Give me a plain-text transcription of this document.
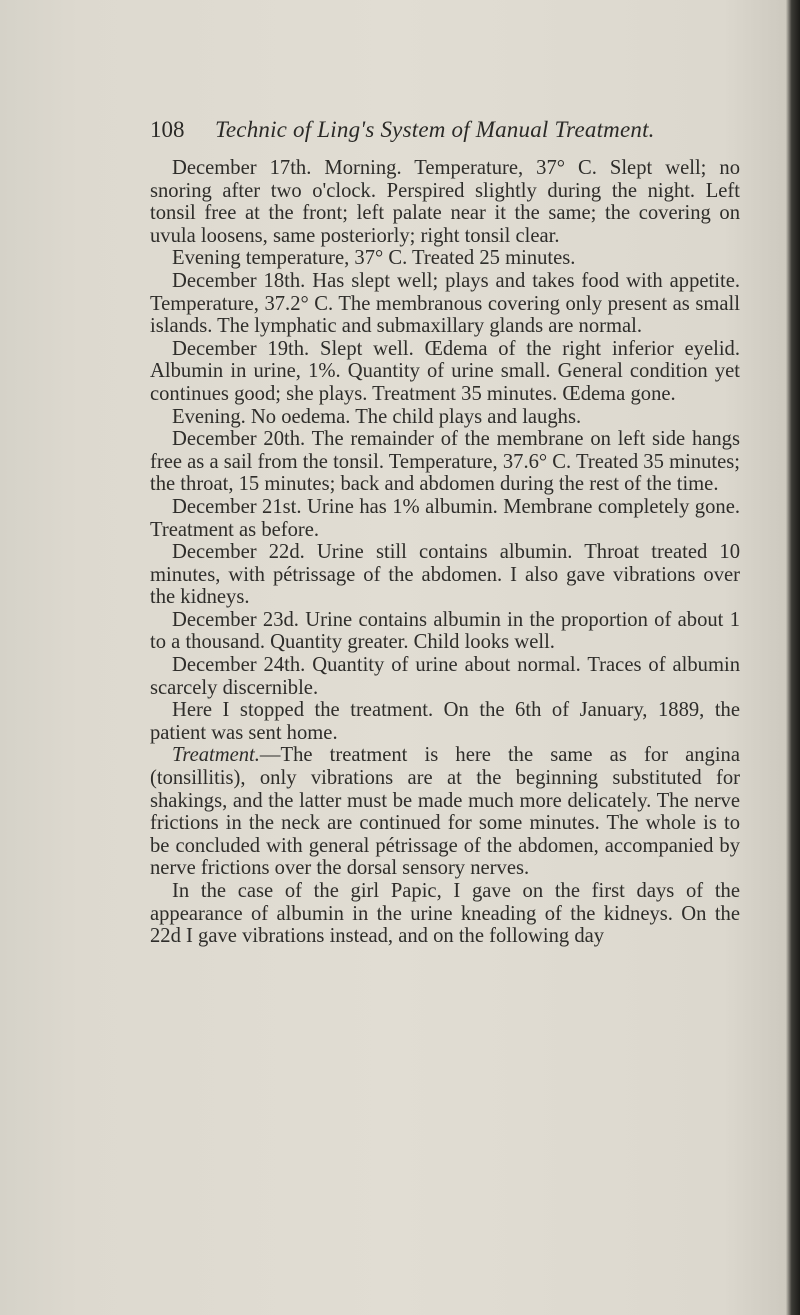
108 Technic of Ling's System of Manual Treatment.

December 17th. Morning. Temperature, 37° C. Slept well; no snoring after two o'clock. Perspired slightly during the night. Left tonsil free at the front; left palate near it the same; the covering on uvula loosens, same posteriorly; right tonsil clear.

Evening temperature, 37° C. Treated 25 minutes.

December 18th. Has slept well; plays and takes food with appetite. Temperature, 37.2° C. The membranous covering only present as small islands. The lymphatic and submaxillary glands are normal.

December 19th. Slept well. Œdema of the right inferior eyelid. Albumin in urine, 1%. Quantity of urine small. General condition yet continues good; she plays. Treatment 35 minutes. Œdema gone.

Evening. No oedema. The child plays and laughs.

December 20th. The remainder of the membrane on left side hangs free as a sail from the tonsil. Temperature, 37.6° C. Treated 35 minutes; the throat, 15 minutes; back and abdomen during the rest of the time.

December 21st. Urine has 1% albumin. Membrane completely gone. Treatment as before.

December 22d. Urine still contains albumin. Throat treated 10 minutes, with pétrissage of the abdomen. I also gave vibrations over the kidneys.

December 23d. Urine contains albumin in the proportion of about 1 to a thousand. Quantity greater. Child looks well.

December 24th. Quantity of urine about normal. Traces of albumin scarcely discernible.

Here I stopped the treatment. On the 6th of January, 1889, the patient was sent home.

Treatment.—The treatment is here the same as for angina (tonsillitis), only vibrations are at the beginning substituted for shakings, and the latter must be made much more delicately. The nerve frictions in the neck are continued for some minutes. The whole is to be concluded with general pétrissage of the abdomen, accompanied by nerve frictions over the dorsal sensory nerves.

In the case of the girl Papic, I gave on the first days of the appearance of albumin in the urine kneading of the kidneys. On the 22d I gave vibrations instead, and on the following day
